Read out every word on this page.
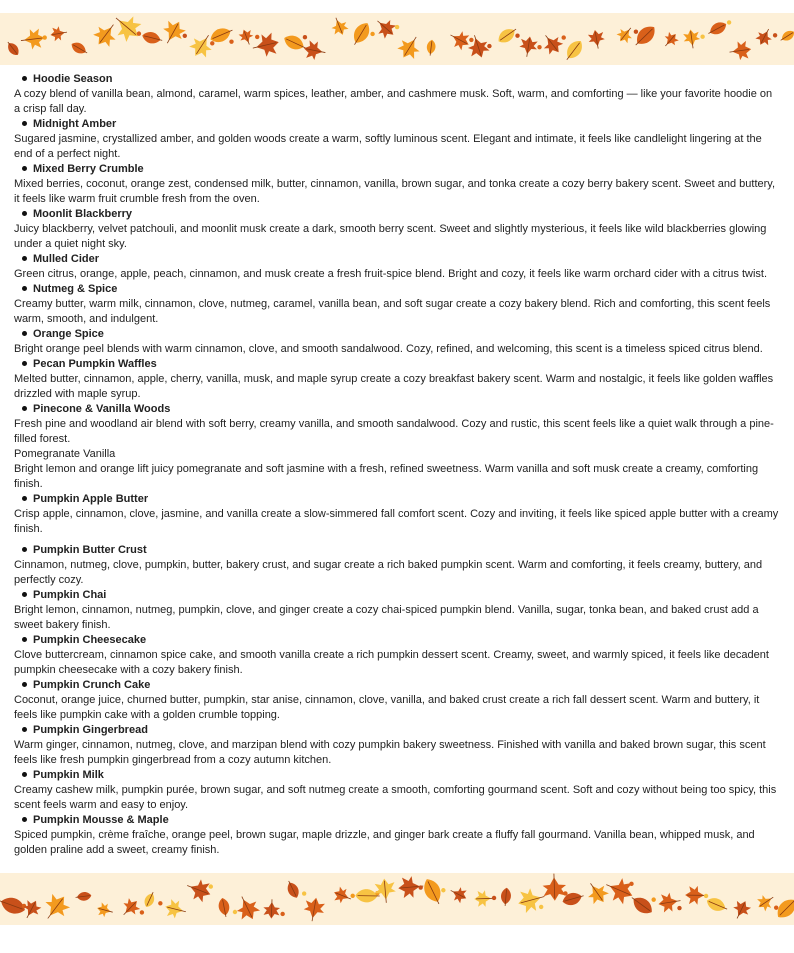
Hoodie Season

A cozy blend of vanilla bean, almond, caramel, warm spices, leather, amber, and cashmere musk. Soft, warm, and comforting — like your favorite hoodie on a crisp fall day.

Midnight Amber

Sugared jasmine, crystallized amber, and golden woods create a warm, softly luminous scent. Elegant and intimate, it feels like candlelight lingering at the end of a perfect night.

Mixed Berry Crumble

Mixed berries, coconut, orange zest, condensed milk, butter, cinnamon, vanilla, brown sugar, and tonka create a cozy berry bakery scent. Sweet and buttery, it feels like warm fruit crumble fresh from the oven.

Moonlit Blackberry

Juicy blackberry, velvet patchouli, and moonlit musk create a dark, smooth berry scent. Sweet and slightly mysterious, it feels like wild blackberries glowing under a quiet night sky.

Mulled Cider

Green citrus, orange, apple, peach, cinnamon, and musk create a fresh fruit-spice blend. Bright and cozy, it feels like warm orchard cider with a citrus twist.

Nutmeg & Spice

Creamy butter, warm milk, cinnamon, clove, nutmeg, caramel, vanilla bean, and soft sugar create a cozy bakery blend. Rich and comforting, this scent feels warm, smooth, and indulgent.

Orange Spice

Bright orange peel blends with warm cinnamon, clove, and smooth sandalwood. Cozy, refined, and welcoming, this scent is a timeless spiced citrus blend.

Pecan Pumpkin Waffles

Melted butter, cinnamon, apple, cherry, vanilla, musk, and maple syrup create a cozy breakfast bakery scent. Warm and nostalgic, it feels like golden waffles drizzled with maple syrup.

Pinecone & Vanilla Woods

Fresh pine and woodland air blend with soft berry, creamy vanilla, and smooth sandalwood. Cozy and rustic, this scent feels like a quiet walk through a pine-filled forest.

Pomegranate Vanilla

Bright lemon and orange lift juicy pomegranate and soft jasmine with a fresh, refined sweetness. Warm vanilla and soft musk create a creamy, comforting finish.

Pumpkin Apple Butter

Crisp apple, cinnamon, clove, jasmine, and vanilla create a slow-simmered fall comfort scent. Cozy and inviting, it feels like spiced apple butter with a creamy finish.

Pumpkin Butter Crust

Cinnamon, nutmeg, clove, pumpkin, butter, bakery crust, and sugar create a rich baked pumpkin scent. Warm and comforting, it feels creamy, buttery, and perfectly cozy.

Pumpkin Chai

Bright lemon, cinnamon, nutmeg, pumpkin, clove, and ginger create a cozy chai-spiced pumpkin blend. Vanilla, sugar, tonka bean, and baked crust add a sweet bakery finish.

Pumpkin Cheesecake

Clove buttercream, cinnamon spice cake, and smooth vanilla create a rich pumpkin dessert scent. Creamy, sweet, and warmly spiced, it feels like decadent pumpkin cheesecake with a cozy bakery finish.

Pumpkin Crunch Cake

Coconut, orange juice, churned butter, pumpkin, star anise, cinnamon, clove, vanilla, and baked crust create a rich fall dessert scent. Warm and buttery, it feels like pumpkin cake with a golden crumble topping.

Pumpkin Gingerbread

Warm ginger, cinnamon, nutmeg, clove, and marzipan blend with cozy pumpkin bakery sweetness. Finished with vanilla and baked brown sugar, this scent feels like fresh pumpkin gingerbread from a cozy autumn kitchen.

Pumpkin Milk

Creamy cashew milk, pumpkin purée, brown sugar, and soft nutmeg create a smooth, comforting gourmand scent. Soft and cozy without being too spicy, this scent feels warm and easy to enjoy.

Pumpkin Mousse & Maple

Spiced pumpkin, crème fraîche, orange peel, brown sugar, maple drizzle, and ginger bark create a fluffy fall gourmand. Vanilla bean, whipped musk, and golden praline add a sweet, creamy finish.
